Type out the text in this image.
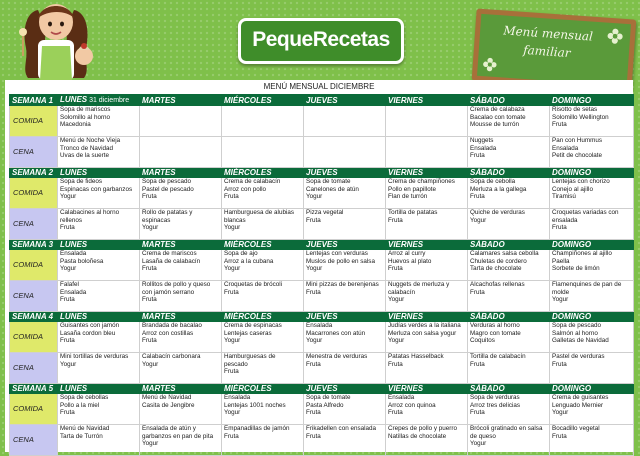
PequeRecetas	Menú mensual familiar
MENÚ MENSUAL DICIEMBRE
SEMANA 1	LUNES 31 diciembre	MARTES	MIÉRCOLES	JUEVES	VIERNES	SÁBADO	DOMINGO
COMIDA	Sopa de mariscos
Solomillo al horno
Macedonia					Crema de calabaza
Bacalao con tomate
Mousse de turrón	Risotto de setas
Solomillo Wellington
Fruta

CENA	Menú de Noche Vieja
Tronco de Navidad
Uvas de la suerte					Nuggets
Ensalada
Fruta	Pan con Hummus
Ensalada
Petit de chocolate

SEMANA 2	LUNES	MARTES	MIÉRCOLES	JUEVES	VIERNES	SÁBADO	DOMINGO
COMIDA	Sopa de fideos
Espinacas con garbanzos
Yogur	Sopa de pescado
Pastel de pescado
Fruta	Crema de calabacín
Arroz con pollo
Fruta	Sopa de tomate
Canelones de atún
Yogur	Crema de champiñones
Pollo en papillote
Flan de turrón	Sopa de cebolla
Merluza a la gallega
Fruta	Lentejas con chorizo
Conejo al ajillo
Tiramisú

CENA	Calabacines al horno
rellenos
Fruta	Rollo de patatas y
espinacas
Yogur	Hamburguesa de alubias
blancas
Yogur	Pizza vegetal
Fruta	Tortilla de patatas
Fruta	Quiche de verduras
Yogur	Croquetas variadas con
ensalada
Fruta

SEMANA 3	LUNES	MARTES	MIÉRCOLES	JUEVES	VIERNES	SÁBADO	DOMINGO
COMIDA	Ensalada
Pasta boloñesa
Yogur	Crema de mariscos
Lasaña de calabacín
Fruta	Sopa de ajo
Arroz a la cubana
Yogur	Lentejas con verduras
Muslos de pollo en salsa
Yogur	Arroz al curry
Huevos al plato
Fruta	Calamares salsa cebolla
Chuletas de cordero
Tarta de chocolate	Champiñones al ajillo
Paella
Sorbete de limón

CENA	Falafel
Ensalada
Fruta	Rollitos de pollo y queso
con jamón serrano
Fruta	Croquetas de brócoli
Fruta	Mini pizzas de berenjenas
Fruta	Nuggets de merluza y
calabacín
Yogur	Alcachofas rellenas
Fruta	Flamenquines de pan de
molde
Yogur

SEMANA 4	LUNES	MARTES	MIÉRCOLES	JUEVES	VIERNES	SÁBADO	DOMINGO
COMIDA	Guisantes con jamón
Lasaña cordon bleu
Fruta	Brandada de bacalao
Arroz con costillas
Fruta	Crema de espinacas
Lentejas caseras
Yogur	Ensalada
Macarrones con atún
Yogur	Judías verdes a la italiana
Merluza con salsa yogur
Yogur	Verduras al horno
Magro con tomate
Coquitos	Sopa de pescado
Salmón al horno
Galletas de Navidad

CENA	Mini tortillas de verduras
Yogur	Calabacín carbonara
Yogur	Hamburguesas de
pescado
Fruta	Menestra de verduras
Fruta	Patatas Hasselback
Fruta	Tortilla de calabacín
Fruta	Pastel de verduras
Fruta

SEMANA 5	LUNES	MARTES	MIÉRCOLES	JUEVES	VIERNES	SÁBADO	DOMINGO
COMIDA	Sopa de cebollas
Pollo a la miel
Fruta	Menú de Navidad
Casita de Jengibre	Ensalada
Lentejas 1001 noches
Yogur	Sopa de tomate
Pasta Alfredo
Fruta	Ensalada
Arroz con quinoa
Fruta	Sopa de verduras
Arroz tres delicias
Fruta	Crema de guisantes
Lenguado Mernier
Yogur

CENA	Menú de Navidad
Tarta de Turrón	Ensalada de atún y
garbanzos en pan de pita
Yogur	Empanadillas de jamón
Fruta	Frikadellen con ensalada
Fruta	Crepes de pollo y puerro
Natillas de chocolate	Brócoli gratinado en salsa
de queso
Yogur	Bocadillo vegetal
Fruta
